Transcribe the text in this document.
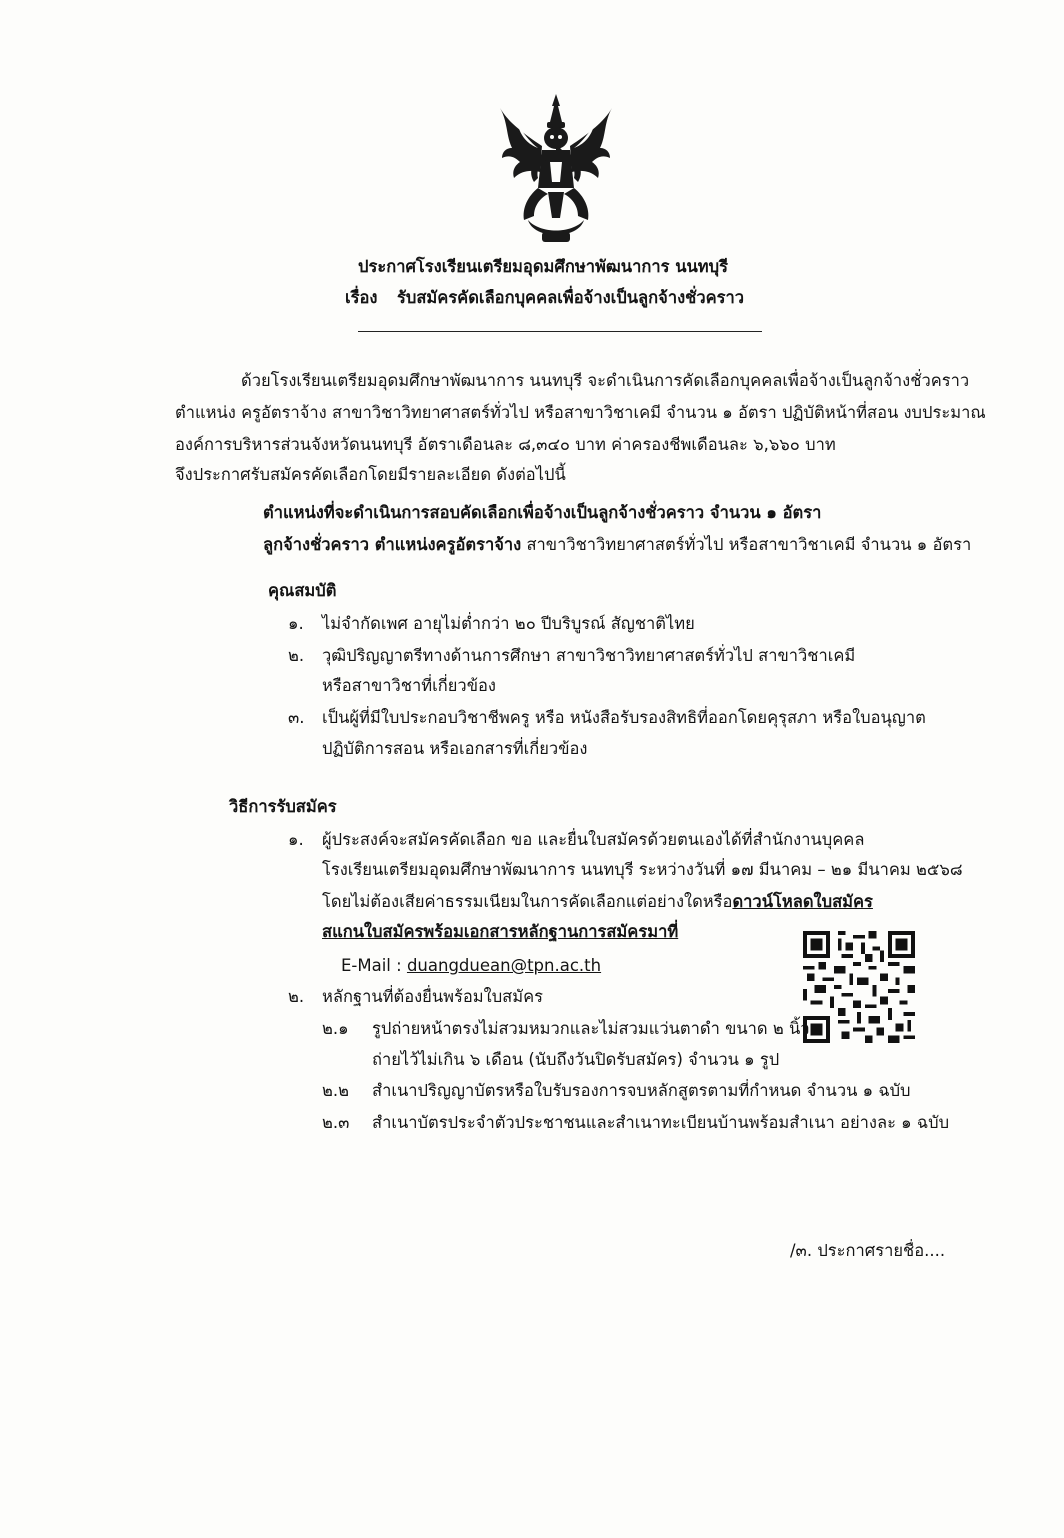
ประกาศโรงเรียนเตรียมอุดมศึกษาพัฒนาการ นนทบุรี
เรื่อง รับสมัครคัดเลือกบุคคลเพื่อจ้างเป็นลูกจ้างชั่วคราว
ด้วยโรงเรียนเตรียมอุดมศึกษาพัฒนาการ นนทบุรี จะดำเนินการคัดเลือกบุคคลเพื่อจ้างเป็นลูกจ้างชั่วคราว
ตำแหน่ง ครูอัตราจ้าง สาขาวิชาวิทยาศาสตร์ทั่วไป หรือสาขาวิชาเคมี จำนวน ๑ อัตรา ปฏิบัติหน้าที่สอน งบประมาณ
องค์การบริหารส่วนจังหวัดนนทบุรี อัตราเดือนละ ๘,๓๔๐ บาท ค่าครองชีพเดือนละ ๖,๖๖๐ บาท
จึงประกาศรับสมัครคัดเลือกโดยมีรายละเอียด ดังต่อไปนี้
ตำแหน่งที่จะดำเนินการสอบคัดเลือกเพื่อจ้างเป็นลูกจ้างชั่วคราว จำนวน ๑ อัตรา
ลูกจ้างชั่วคราว ตำแหน่งครูอัตราจ้าง สาขาวิชาวิทยาศาสตร์ทั่วไป หรือสาขาวิชาเคมี จำนวน ๑ อัตรา
คุณสมบัติ
๑. ไม่จำกัดเพศ อายุไม่ต่ำกว่า ๒๐ ปีบริบูรณ์ สัญชาติไทย
๒. วุฒิปริญญาตรีทางด้านการศึกษา สาขาวิชาวิทยาศาสตร์ทั่วไป สาขาวิชาเคมี
หรือสาขาวิชาที่เกี่ยวข้อง
๓. เป็นผู้ที่มีใบประกอบวิชาชีพครู หรือ หนังสือรับรองสิทธิที่ออกโดยคุรุสภา หรือใบอนุญาต
ปฏิบัติการสอน หรือเอกสารที่เกี่ยวข้อง
วิธีการรับสมัคร
๑. ผู้ประสงค์จะสมัครคัดเลือก ขอ และยื่นใบสมัครด้วยตนเองได้ที่สำนักงานบุคคล
โรงเรียนเตรียมอุดมศึกษาพัฒนาการ นนทบุรี ระหว่างวันที่ ๑๗ มีนาคม – ๒๑ มีนาคม ๒๕๖๘
โดยไม่ต้องเสียค่าธรรมเนียมในการคัดเลือกแต่อย่างใดหรือดาวน์โหลดใบสมัคร
สแกนใบสมัครพร้อมเอกสารหลักฐานการสมัครมาที่
E-Mail : duangduean@tpn.ac.th
๒. หลักฐานที่ต้องยื่นพร้อมใบสมัคร
๒.๑ รูปถ่ายหน้าตรงไม่สวมหมวกและไม่สวมแว่นตาดำ ขนาด ๒ นิ้ว
ถ่ายไว้ไม่เกิน ๖ เดือน (นับถึงวันปิดรับสมัคร) จำนวน ๑ รูป
๒.๒ สำเนาปริญญาบัตรหรือใบรับรองการจบหลักสูตรตามที่กำหนด จำนวน ๑ ฉบับ
๒.๓ สำเนาบัตรประจำตัวประชาชนและสำเนาทะเบียนบ้านพร้อมสำเนา อย่างละ ๑ ฉบับ
/๓. ประกาศรายชื่อ....
